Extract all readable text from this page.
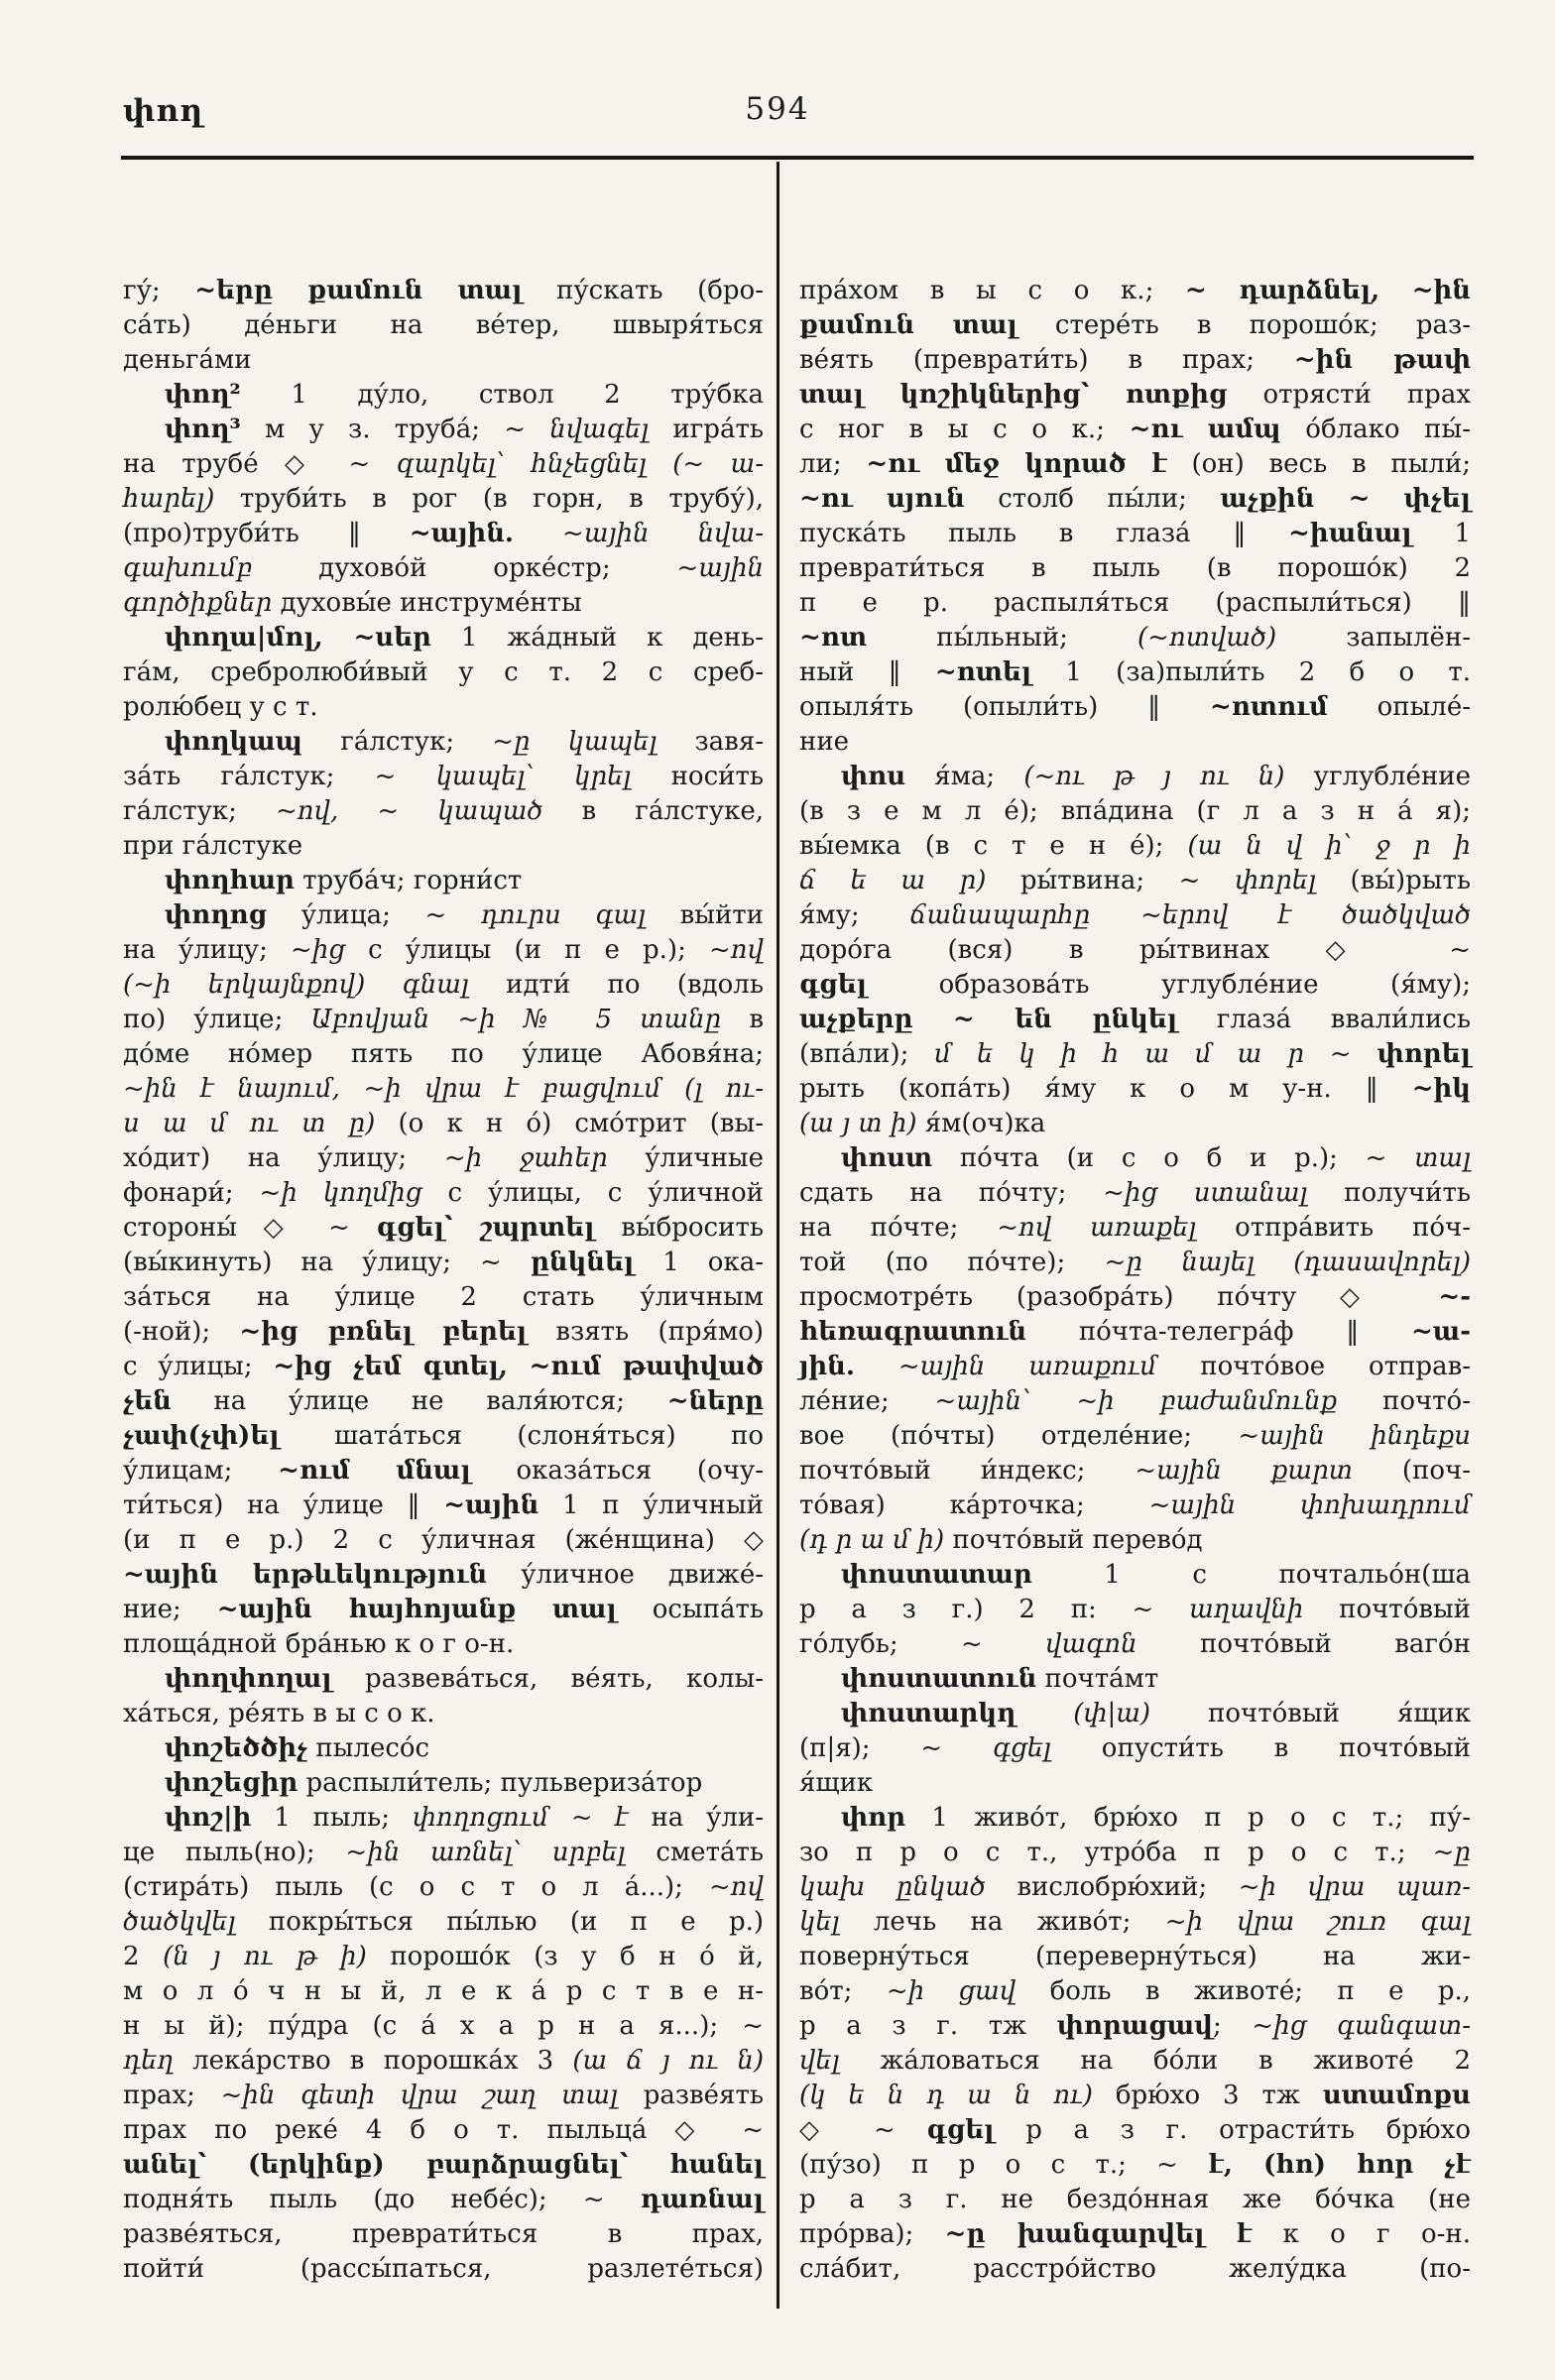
փող	594
гу́; ~երը քամուն տալ пу́скать (бро-
са́ть) де́ньги на ве́тер, швыря́ться
деньга́ми
փող² 1 ду́ло, ствол 2 тру́бка
փող³ м у з. труба́; ~ նվագել игра́ть
на трубе́ ◇ ~ զարկել՝ հնչեցնել (~ ա-
հարել) труби́ть в рог (в горн, в трубу́),
(про)труби́ть ‖ ~ային. ~ային նվա-
գախումբ духово́й орке́стр; ~ային
գործիքներ духовы́е инструме́нты
փողա|մոլ, ~սեր 1 жа́дный к день-
га́м, сребролюби́вый у с т. 2 с среб-
ролю́бец у с т.
փողկապ га́лстук; ~ը կապել завя-
за́ть га́лстук; ~ կապել՝ կրել носи́ть
га́лстук; ~ով, ~ կապած в га́лстуке,
при га́лстуке
փողհար труба́ч; горни́ст
փողոց у́лица; ~ դուրս գալ вы́йти
на у́лицу; ~ից с у́лицы (и п е р.); ~ով
(~ի երկայնքով) գնալ идти́ по (вдоль
по) у́лице; Աբովյան ~ի № 5 տանը в
до́ме но́мер пять по у́лице Абовя́на;
~ին է նայում, ~ի վրա է բացվում (լ ու-
ս ա մ ու տ ը) (о к н о́) смо́трит (вы-
хо́дит) на у́лицу; ~ի ջահեր у́личные
фонари́; ~ի կողմից с у́лицы, с у́личной
стороны́ ◇ ~ գցել՝ շպրտել вы́бросить
(вы́кинуть) на у́лицу; ~ ընկնել 1 ока-
за́ться на у́лице 2 стать у́личным
(-ной); ~ից բռնել բերել взять (пря́мо)
с у́лицы; ~ից չեմ գտել, ~ում թափված
չեն на у́лице не валя́ются; ~ները
չափ(չփ)ել шата́ться (слоня́ться) по
у́лицам; ~ում մնալ оказа́ться (очу-
ти́ться) на у́лице ‖ ~ային 1 п у́личный
(и п е р.) 2 с у́личная (же́нщина) ◇
~ային երթևեկություն у́личное движе́-
ние; ~ային հայհոյանք տալ осыпа́ть
площа́дной бра́нью к о г о-н.
փողփողալ развева́ться, ве́ять, колы-
ха́ться, ре́ять в ы с о к.
փոշեծծիչ пылесо́с
փոշեցիր распыли́тель; пульвериза́тор
փոշ|ի 1 пыль; փողոցում ~ է на у́ли-
це пыль(но); ~ին առնել՝ սրբել смета́ть
(стира́ть) пыль (с о с т о л а́...); ~ով
ծածկվել покры́ться пы́лью (и п е р.)
2 (ն յ ու թ ի) порошо́к (з у б н о́ й,
м о л о́ ч н ы й, л е к а́ р с т в е н-
н ы й); пу́дра (с а́ х а р н а я...); ~
դեղ лека́рство в порошка́х 3 (ա ճ յ ու ն)
прах; ~ին գետի վրա շաղ տալ разве́ять
прах по реке́ 4 б о т. пыльца́ ◇ ~
անել՝ (երկինք) բարձրացնել՝ հանել
подня́ть пыль (до небе́с); ~ դառնալ
разве́яться, преврати́ться в прах,
пойти́ (рассы́паться, разлете́ться)
пра́хом в ы с о к.; ~ դարձնել, ~ին
քամուն տալ стере́ть в порошо́к; раз-
ве́ять (преврати́ть) в прах; ~ին թափ
տալ կոշիկներից՝ ոտքից отрясти́ прах
с ног в ы с о к.; ~ու ամպ о́блако пы́-
ли; ~ու մեջ կորած է (он) весь в пыли́;
~ու սյուն столб пы́ли; աչքին ~ փչել
пуска́ть пыль в глаза́ ‖ ~իանալ 1
преврати́ться в пыль (в порошо́к) 2
п е р. распыля́ться (распыли́ться) ‖
~ոտ пы́льный; (~ոտված) запылён-
ный ‖ ~ոտել 1 (за)пыли́ть 2 б о т.
опыля́ть (опыли́ть) ‖ ~ոտում опыле́-
ние
փոս я́ма; (~ու թ յ ու ն) углубле́ние
(в з е м л е́); впа́дина (г л а з н а́ я);
вы́емка (в с т е н е́); (ա ն վ ի՝ ջ ր ի
ճ ե ա ր) ры́твина; ~ փորել (вы́)рыть
я́му; ճանապարհը ~երով է ծածկված
доро́га (вся) в ры́твинах ◇ ~
գցել образова́ть углубле́ние (я́му);
աչքերը ~ են ընկել глаза́ ввали́лись
(впа́ли); մ ե կ ի հ ա մ ա ր ~ փորել
рыть (копа́ть) я́му к о м у-н. ‖ ~իկ
(ա յ տ ի) я́м(оч)ка
փոստ по́чта (и с о б и р.); ~ տալ
сдать на по́чту; ~ից ստանալ получи́ть
на по́чте; ~ով առաքել отпра́вить по́ч-
той (по по́чте); ~ը նայել (դասավորել)
просмотре́ть (разобра́ть) по́чту ◇ ~-
հեռագրատուն по́чта-телегра́ф ‖ ~ա-
յին. ~ային առաքում почто́вое отправ-
ле́ние; ~ային՝ ~ի բաժանմունք почто́-
вое (по́чты) отделе́ние; ~ային ինդեքս
почто́вый и́ндекс; ~ային քարտ (поч-
то́вая) ка́рточка; ~ային փոխադրում
(դ ր ա մ ի) почто́вый перево́д
փոստատար 1 с почтальо́н(ша
р а з г.) 2 п: ~ աղավնի почто́вый
го́лубь; ~ վագոն почто́вый ваго́н
փոստատուն почта́мт
փոստարկղ (փ|ա) почто́вый я́щик
(п|я); ~ գցել опусти́ть в почто́вый
я́щик
փոր 1 живо́т, брю́хо п р о с т.; пу́-
зо п р о с т., утро́ба п р о с т.; ~ը
կախ ընկած вислобрю́хий; ~ի վրա պառ-
կել лечь на живо́т; ~ի վրա շուռ գալ
поверну́ться (переверну́ться) на жи-
во́т; ~ի ցավ боль в животе́; п е р.,
р а з г. тж փորացավ; ~ից գանգատ-
վել жа́ловаться на бо́ли в животе́ 2
(կ ե ն դ ա ն ու) брю́хо 3 тж ստամոքս
◇ ~ գցել р а з г. отрасти́ть брю́хо
(пу́зо) п р о с т.; ~ է, (հո) հոր չէ
р а з г. не бездо́нная же бо́чка (не
про́рва); ~ը խանգարվել է к о г о-н.
сла́бит, расстро́йство желу́дка (по-
